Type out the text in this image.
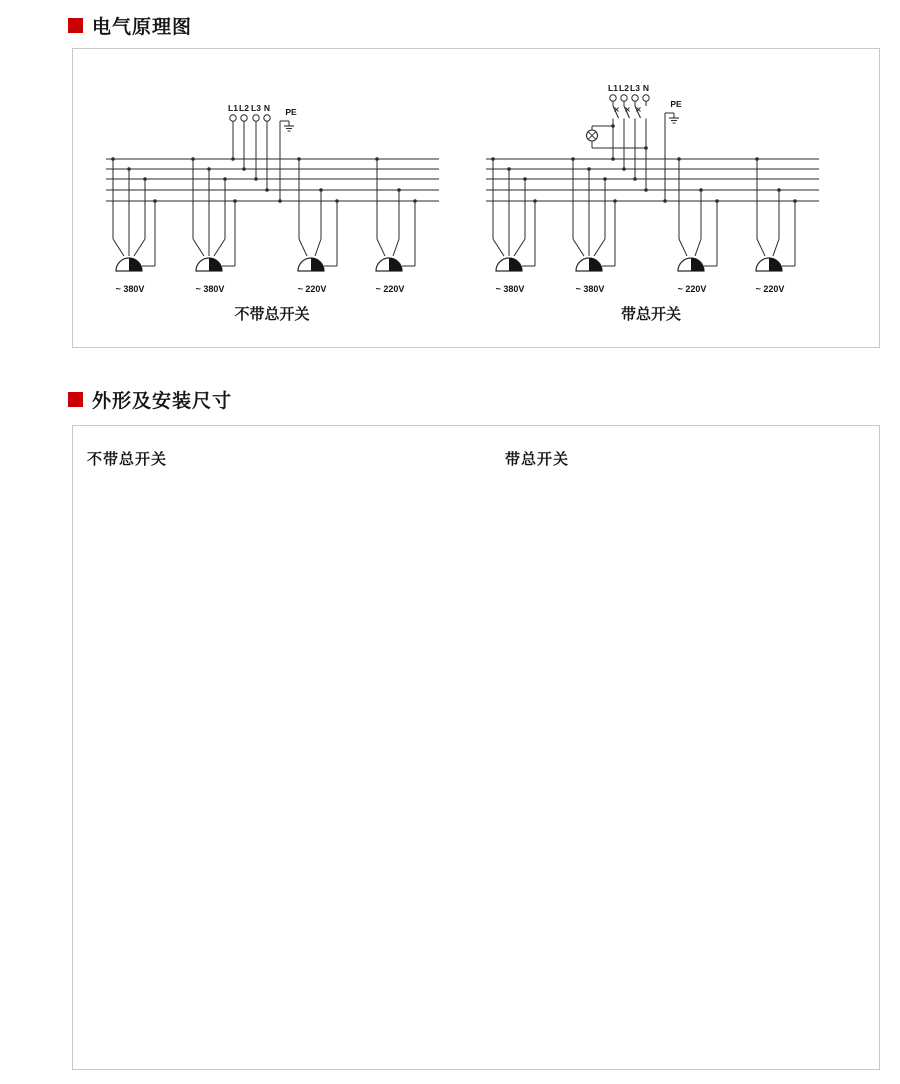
电气原理图
L1 L2 L3 N PE
~ 380V	~ 380V	~ 220V	~ 220V
不带总开关
L1 L2 L3 N
PE
~ 380V	~ 380V	~ 220V	~ 220V
带总开关
外形及安装尺寸
不带总开关	带总开关
